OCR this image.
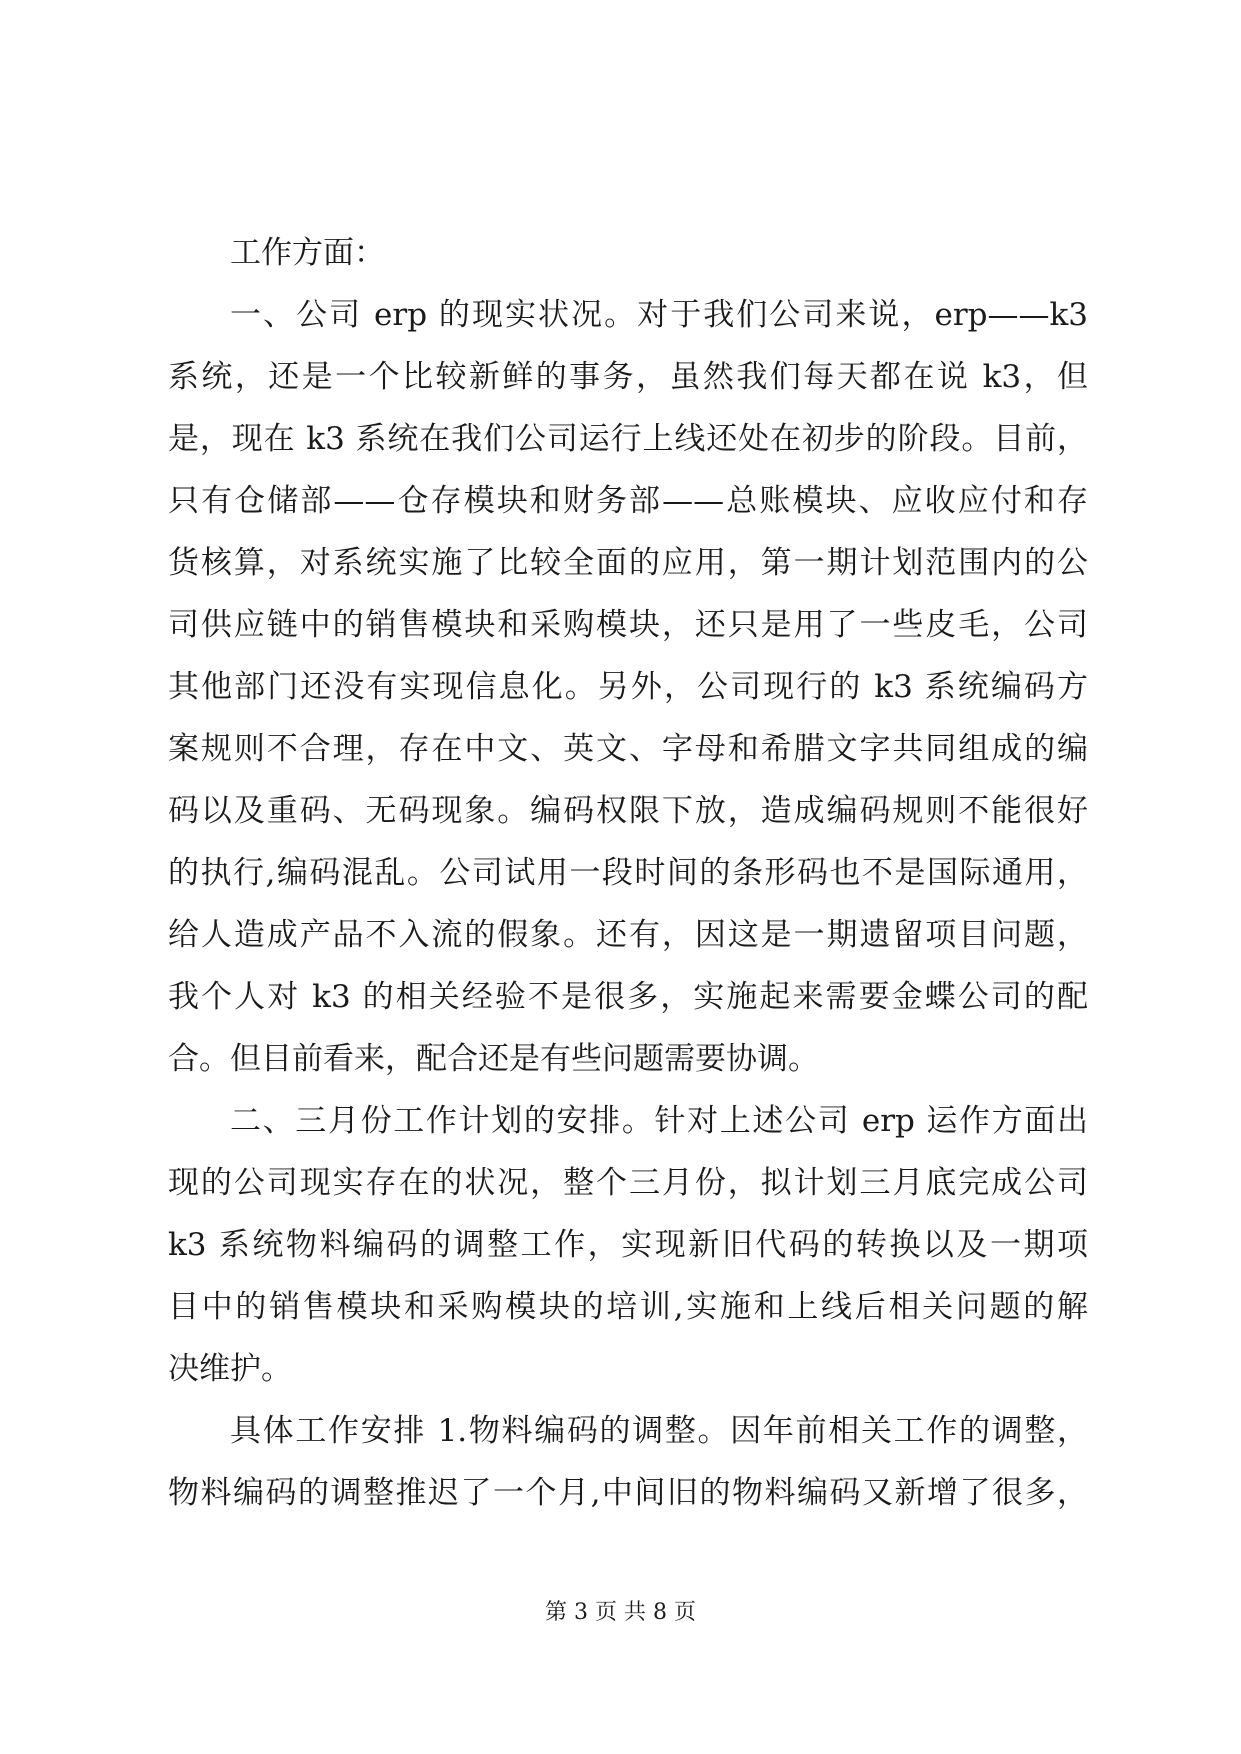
工作方面：
一、公司 erp 的现实状况。对于我们公司来说，erp——k3
系统，还是一个比较新鲜的事务，虽然我们每天都在说 k3，但
是，现在 k3 系统在我们公司运行上线还处在初步的阶段。目前，
只有仓储部——仓存模块和财务部——总账模块、应收应付和存
货核算，对系统实施了比较全面的应用，第一期计划范围内的公
司供应链中的销售模块和采购模块，还只是用了一些皮毛，公司
其他部门还没有实现信息化。另外，公司现行的 k3 系统编码方
案规则不合理，存在中文、英文、字母和希腊文字共同组成的编
码以及重码、无码现象。编码权限下放，造成编码规则不能很好
的执行,编码混乱。公司试用一段时间的条形码也不是国际通用，
给人造成产品不入流的假象。还有，因这是一期遗留项目问题，
我个人对 k3 的相关经验不是很多，实施起来需要金蝶公司的配
合。但目前看来，配合还是有些问题需要协调。
二、三月份工作计划的安排。针对上述公司 erp 运作方面出
现的公司现实存在的状况，整个三月份，拟计划三月底完成公司
k3 系统物料编码的调整工作，实现新旧代码的转换以及一期项
目中的销售模块和采购模块的培训,实施和上线后相关问题的解
决维护。
具体工作安排 1.物料编码的调整。因年前相关工作的调整，
物料编码的调整推迟了一个月,中间旧的物料编码又新增了很多，
第 3 页 共 8 页
